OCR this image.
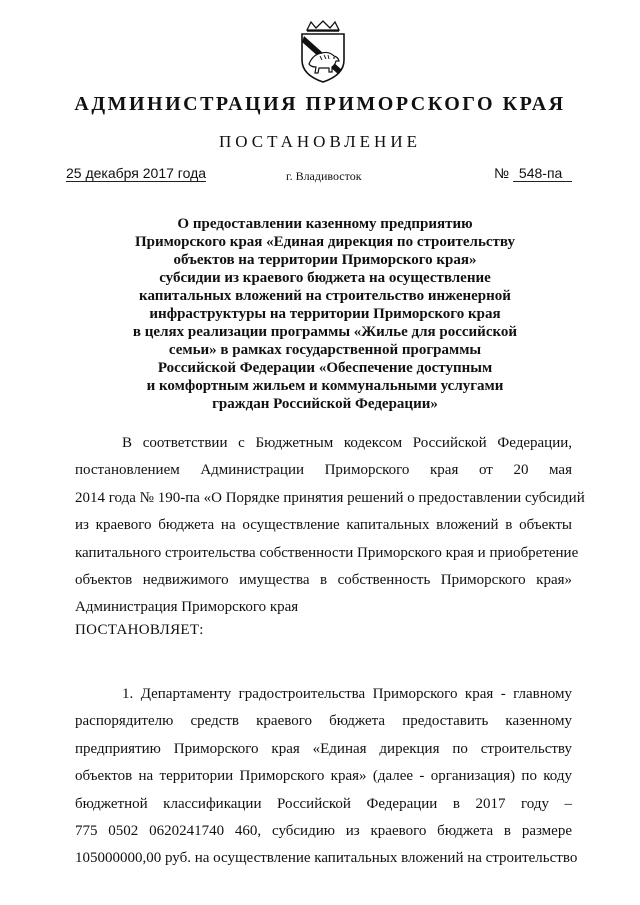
АДМИНИСТРАЦИЯ ПРИМОРСКОГО КРАЯ
ПОСТАНОВЛЕНИЕ
25 декабря 2017 года	г. Владивосток	№ 548-па
О предоставлении казенному предприятию
Приморского края «Единая дирекция по строительству
объектов на территории Приморского края»
субсидии из краевого бюджета на осуществление
капитальных вложений на строительство инженерной
инфраструктуры на территории Приморского края
в целях реализации программы «Жилье для российской
семьи» в рамках государственной программы
Российской Федерации «Обеспечение доступным
и комфортным жильем и коммунальными услугами
граждан Российской Федерации»
В соответствии с Бюджетным кодексом Российской Федерации,
постановлением Администрации Приморского края от 20 мая
2014 года № 190-па «О Порядке принятия решений о предоставлении субсидий
из краевого бюджета на осуществление капитальных вложений в объекты
капитального строительства собственности Приморского края и приобретение
объектов недвижимого имущества в собственность Приморского края»
Администрация Приморского края
ПОСТАНОВЛЯЕТ:
1. Департаменту градостроительства Приморского края - главному
распорядителю средств краевого бюджета предоставить казенному
предприятию Приморского края «Единая дирекция по строительству
объектов на территории Приморского края» (далее - организация) по коду
бюджетной классификации Российской Федерации в 2017 году –
775 0502 0620241740 460, субсидию из краевого бюджета в размере
105000000,00 руб. на осуществление капитальных вложений на строительство
